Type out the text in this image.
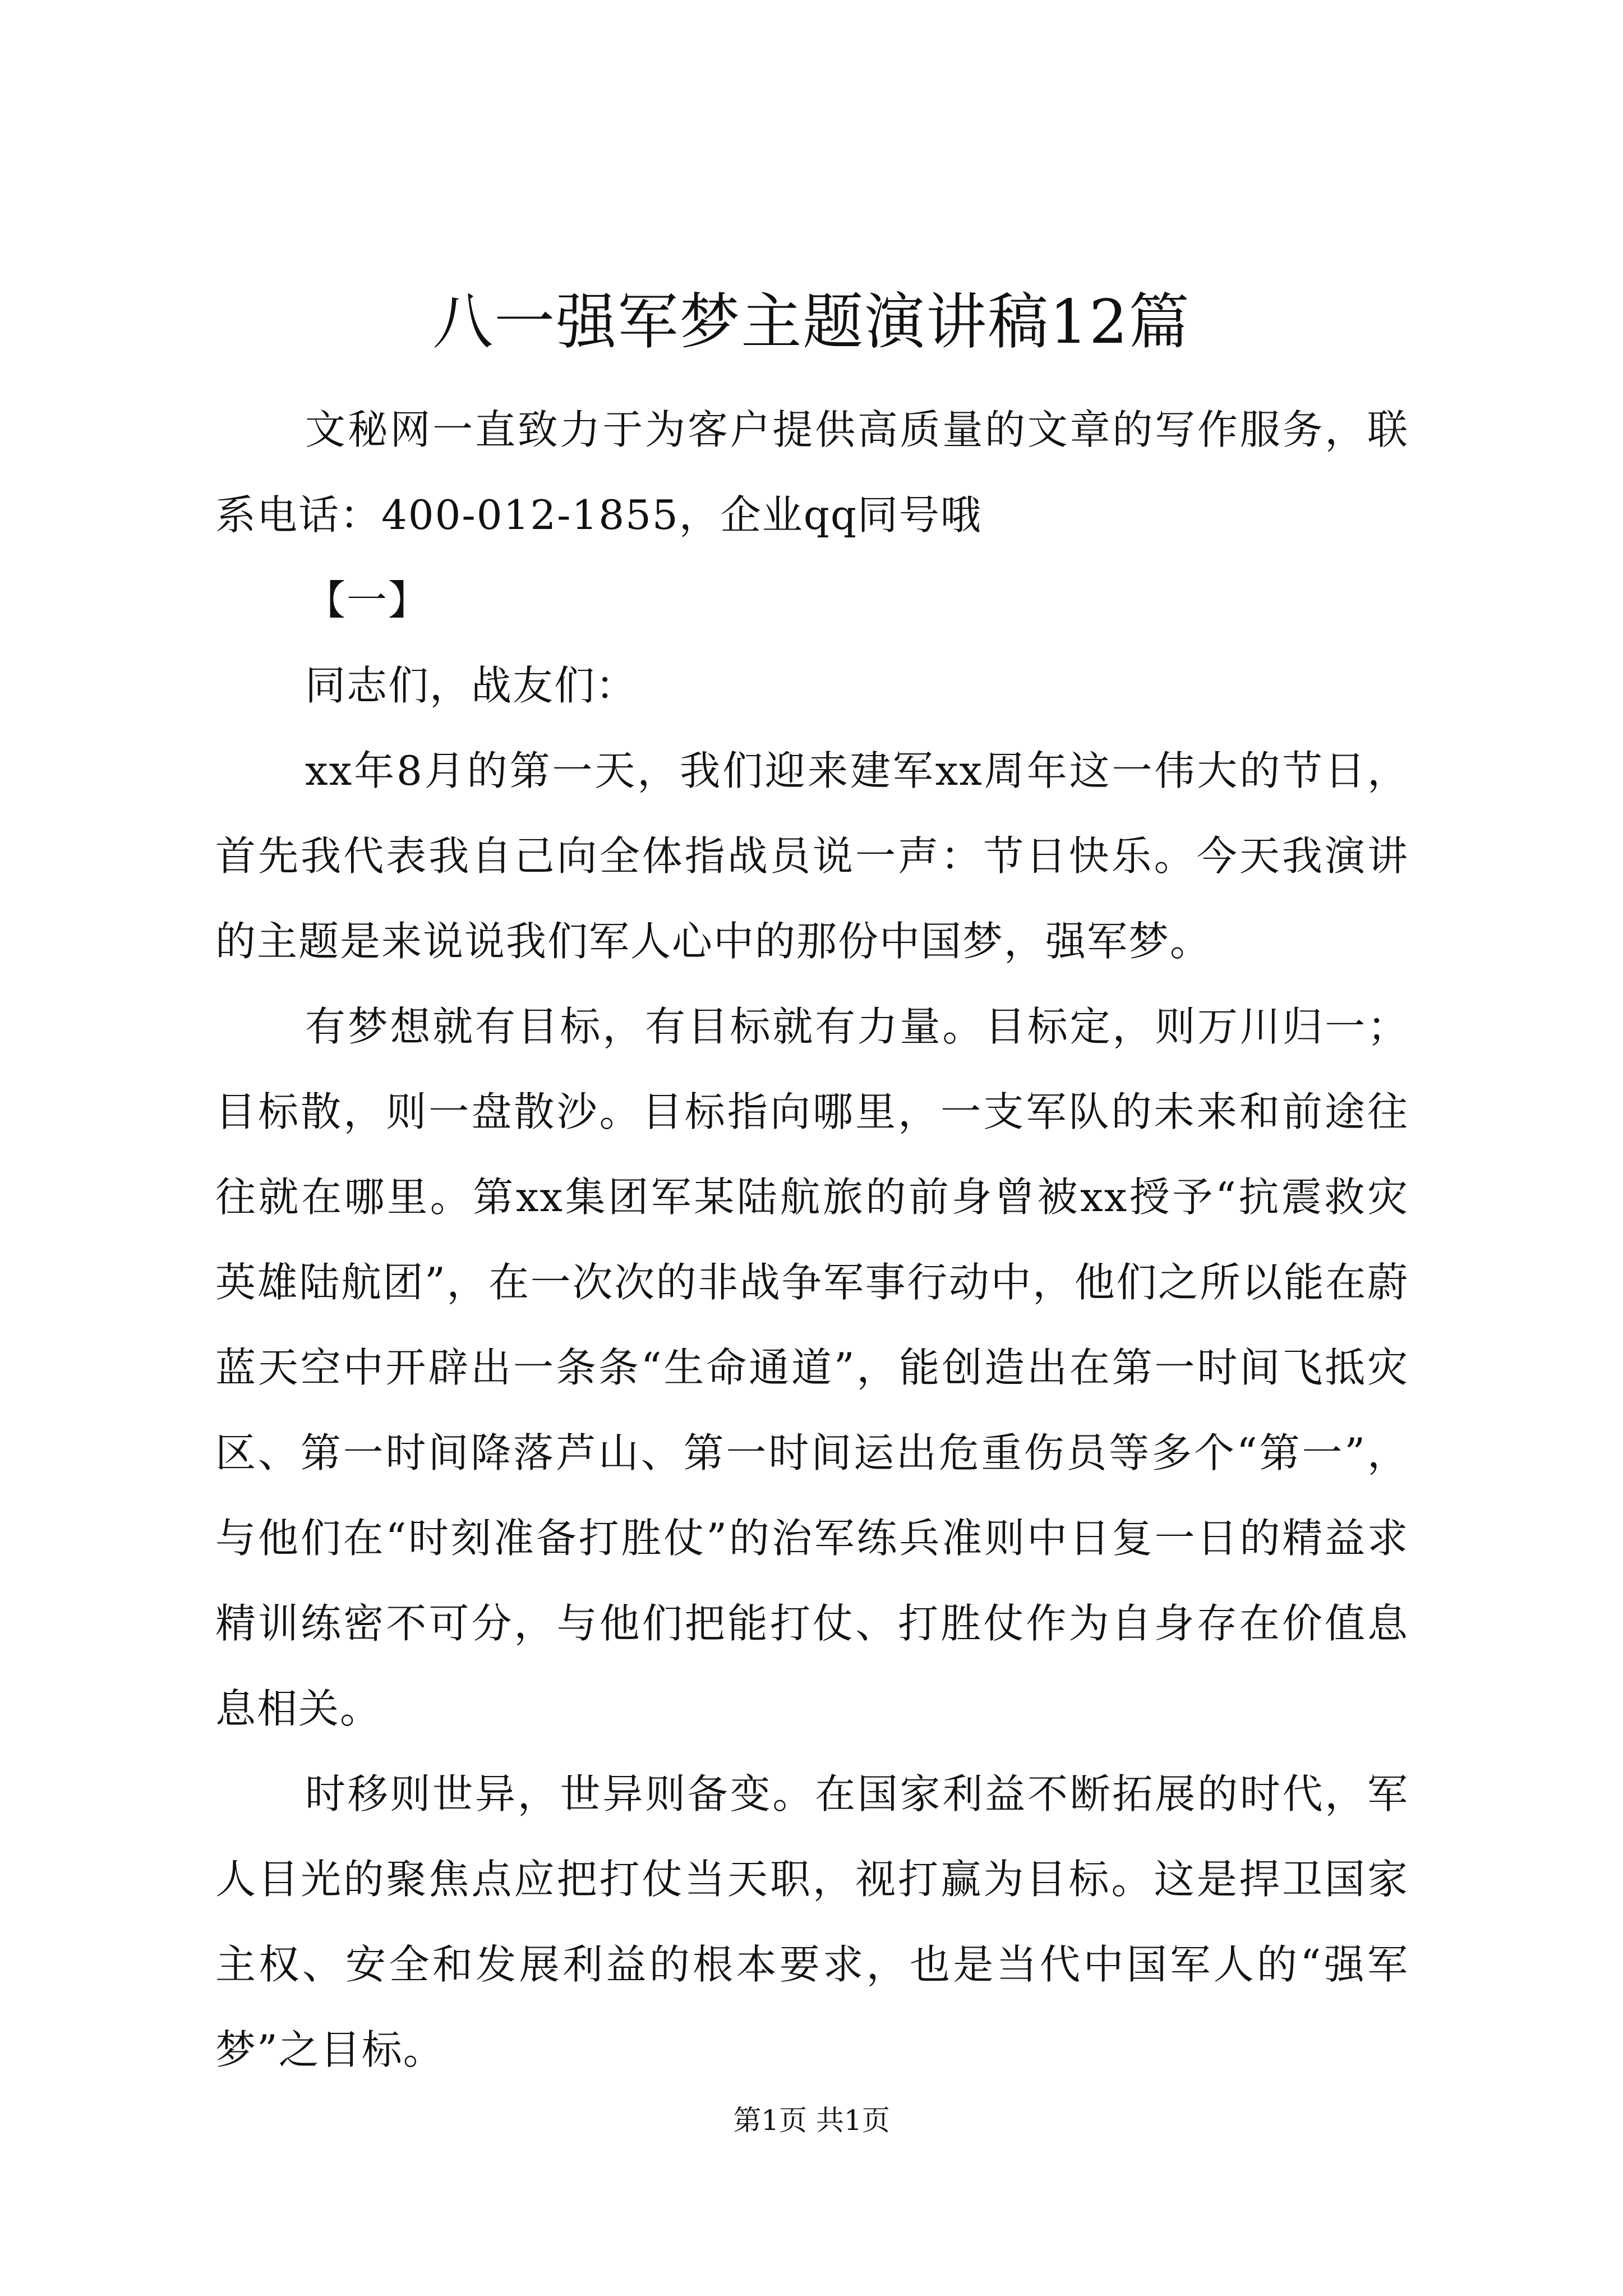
八一强军梦主题演讲稿12篇

文秘网一直致力于为客户提供高质量的文章的写作服务，联系电话：400-012-1855，企业qq同号哦

【一】

同志们，战友们：

xx年8月的第一天，我们迎来建军xx周年这一伟大的节日，首先我代表我自己向全体指战员说一声：节日快乐。今天我演讲的主题是来说说我们军人心中的那份中国梦，强军梦。

有梦想就有目标，有目标就有力量。目标定，则万川归一；目标散，则一盘散沙。目标指向哪里，一支军队的未来和前途往往就在哪里。第xx集团军某陆航旅的前身曾被xx授予“抗震救灾英雄陆航团”，在一次次的非战争军事行动中，他们之所以能在蔚蓝天空中开辟出一条条“生命通道”，能创造出在第一时间飞抵灾区、第一时间降落芦山、第一时间运出危重伤员等多个“第一”，与他们在“时刻准备打胜仗”的治军练兵准则中日复一日的精益求精训练密不可分，与他们把能打仗、打胜仗作为自身存在价值息息相关。

时移则世异，世异则备变。在国家利益不断拓展的时代，军人目光的聚焦点应把打仗当天职，视打赢为目标。这是捍卫国家主权、安全和发展利益的根本要求，也是当代中国军人的“强军梦”之目标。

第1页 共1页
